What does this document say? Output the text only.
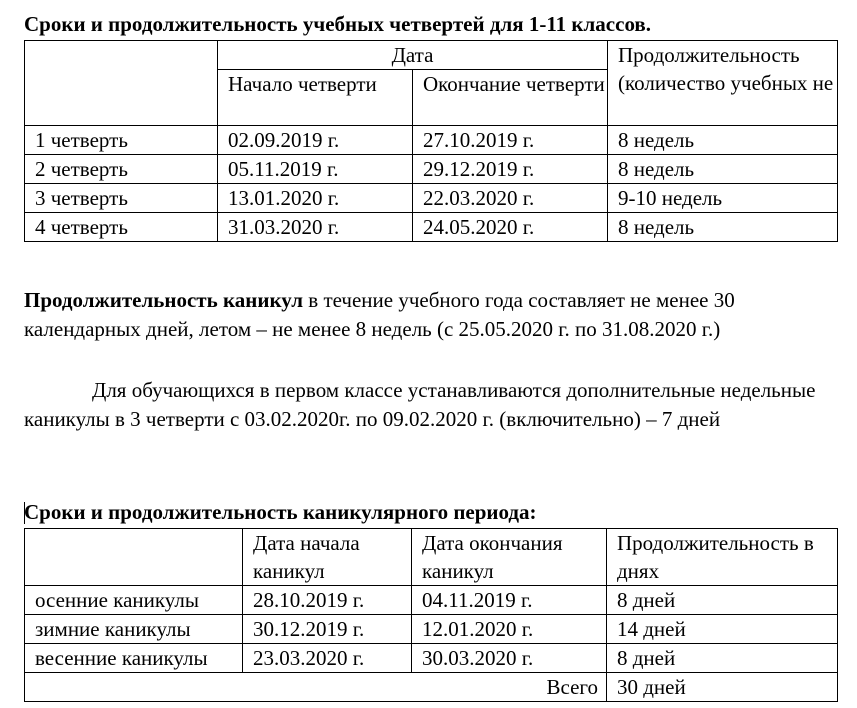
Сроки и продолжительность учебных четвертей для 1-11 классов.
	Дата		Продолжительность (количество учебных не
	Начало четверти	Окончание четверти	
1 четверть	02.09.2019 г.	27.10.2019 г.	8 недель
2 четверть	05.11.2019 г.	29.12.2019 г.	8 недель
3 четверть	13.01.2020 г.	22.03.2020 г.	9-10 недель
4 четверть	31.03.2020 г.	24.05.2020 г.	8 недель
Продолжительность каникул в течение учебного года составляет не менее 30 календарных дней, летом – не менее 8 недель (с 25.05.2020 г. по 31.08.2020 г.)
Для обучающихся в первом классе устанавливаются дополнительные недельные каникулы в 3 четверти с 03.02.2020г. по 09.02.2020 г. (включительно) – 7 дней
Сроки и продолжительность каникулярного периода:
	Дата начала каникул	Дата окончания каникул	Продолжительность в днях
осенние каникулы	28.10.2019 г.	04.11.2019 г.	8 дней
зимние каникулы	30.12.2019 г.	12.01.2020 г.	14 дней
весенние каникулы	23.03.2020 г.	30.03.2020 г.	8 дней
Всего			30 дней
